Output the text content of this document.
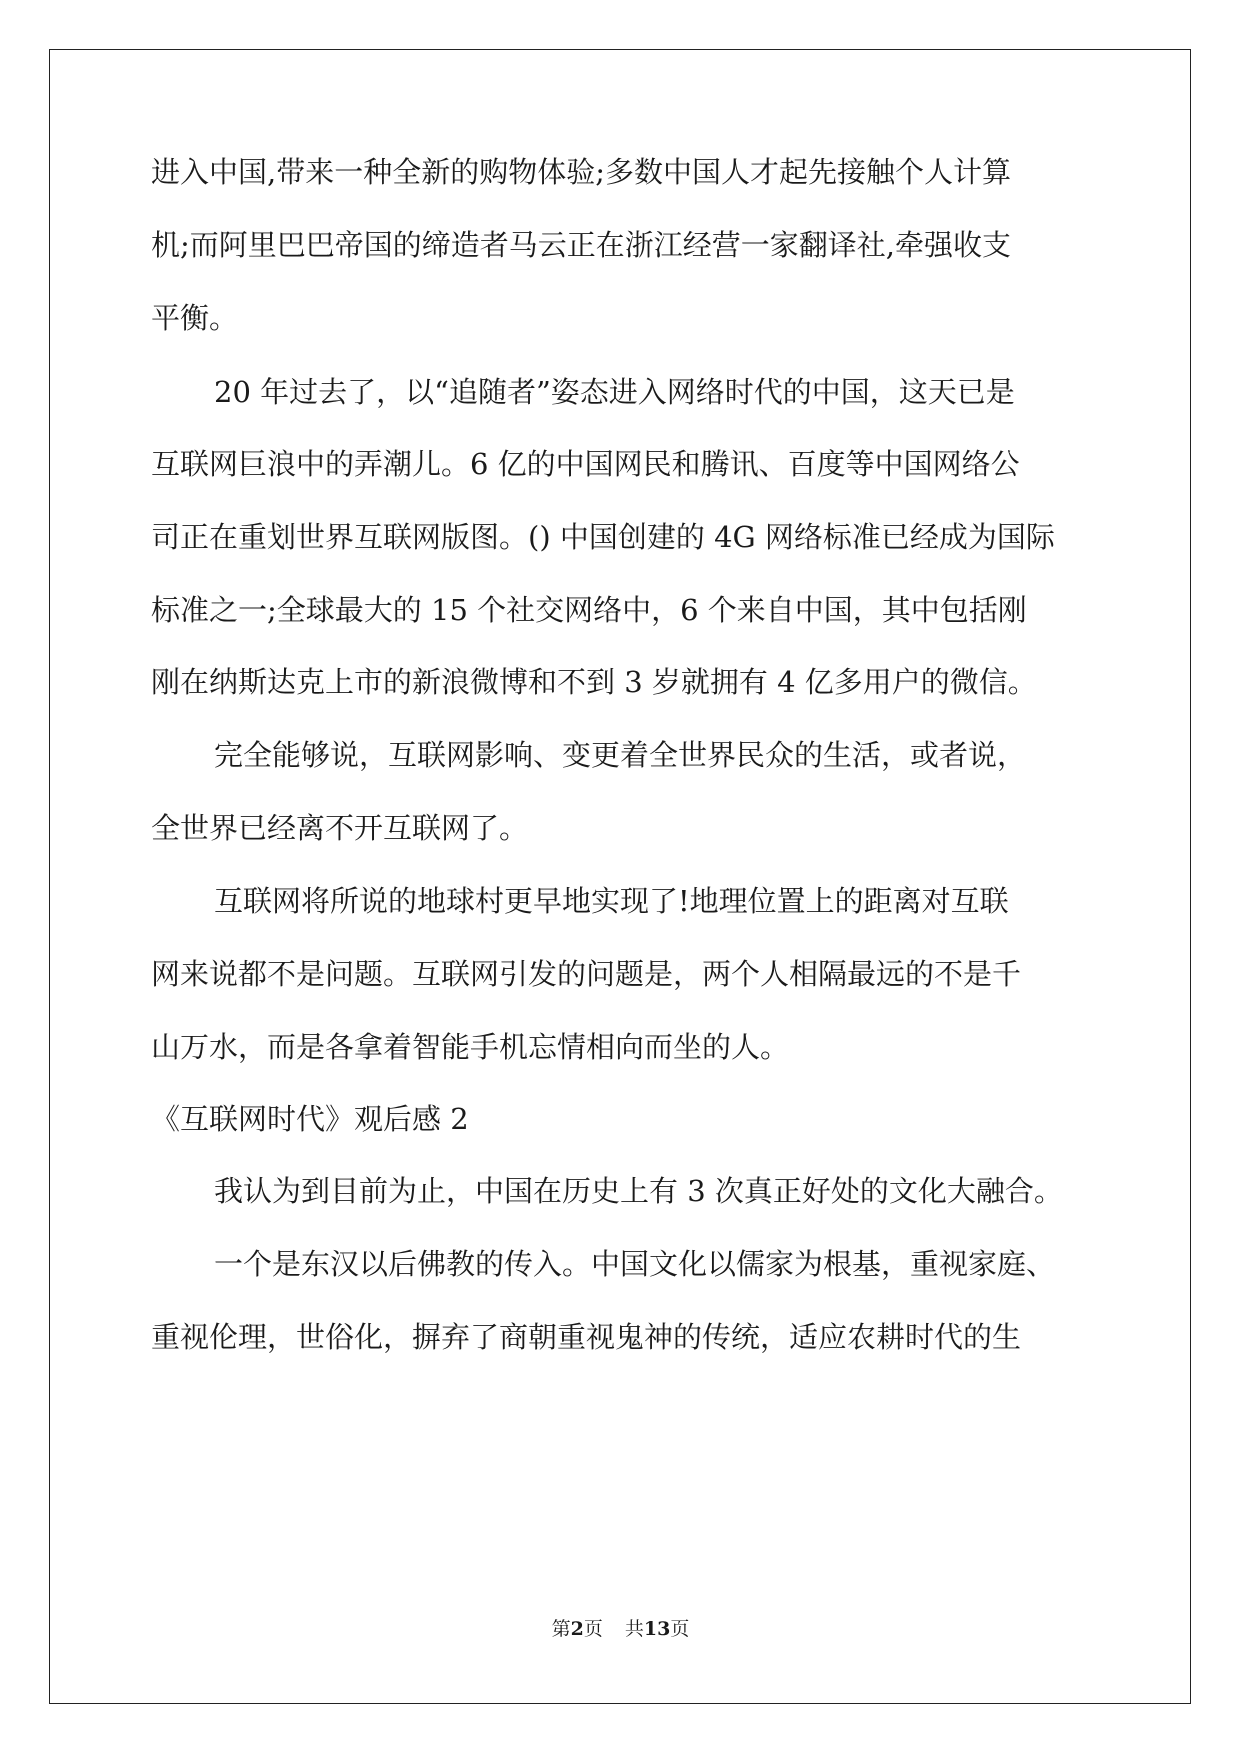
进入中国,带来一种全新的购物体验;多数中国人才起先接触个人计算
机;而阿里巴巴帝国的缔造者马云正在浙江经营一家翻译社,牵强收支
平衡。
20 年过去了，以“追随者”姿态进入网络时代的中国，这天已是
互联网巨浪中的弄潮儿。6 亿的中国网民和腾讯、百度等中国网络公
司正在重划世界互联网版图。() 中国创建的 4G 网络标准已经成为国际
标准之一;全球最大的 15 个社交网络中，6 个来自中国，其中包括刚
刚在纳斯达克上市的新浪微博和不到 3 岁就拥有 4 亿多用户的微信。
完全能够说，互联网影响、变更着全世界民众的生活，或者说，
全世界已经离不开互联网了。
互联网将所说的地球村更早地实现了!地理位置上的距离对互联
网来说都不是问题。互联网引发的问题是，两个人相隔最远的不是千
山万水，而是各拿着智能手机忘情相向而坐的人。
《互联网时代》观后感 2
我认为到目前为止，中国在历史上有 3 次真正好处的文化大融合。
一个是东汉以后佛教的传入。中国文化以儒家为根基，重视家庭、
重视伦理，世俗化，摒弃了商朝重视鬼神的传统，适应农耕时代的生
第2页 共13页
